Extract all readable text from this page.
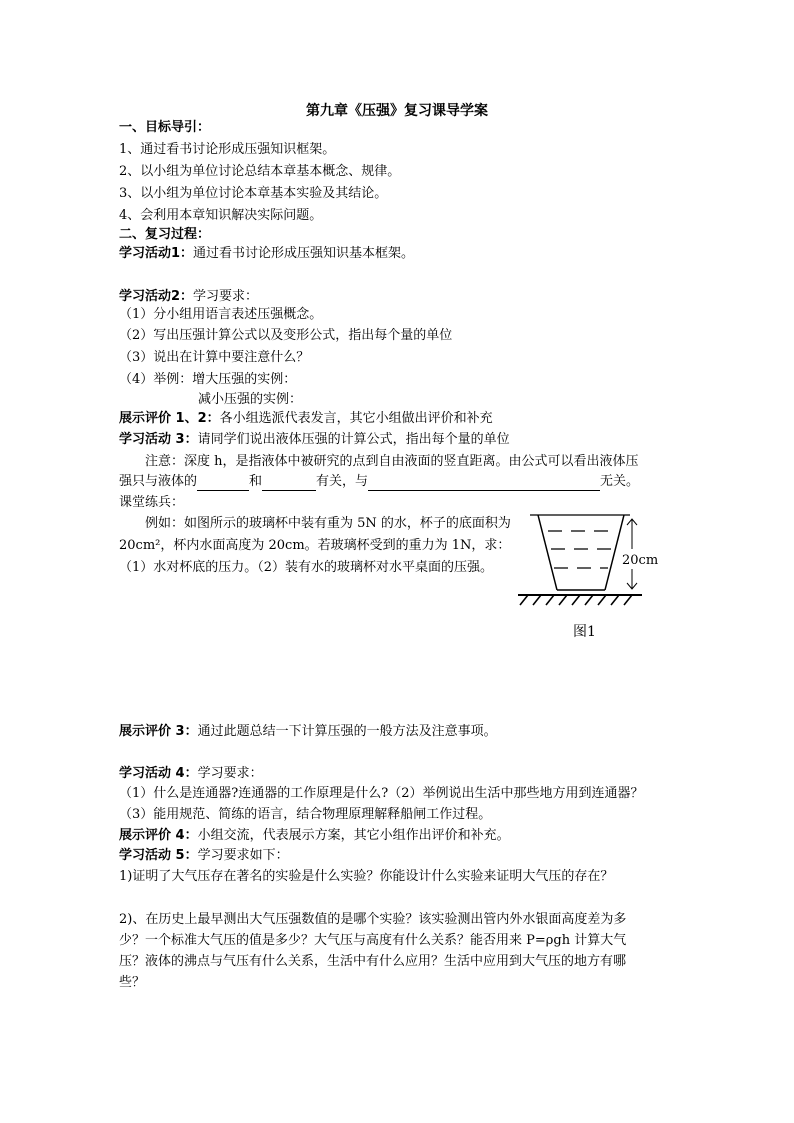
第九章《压强》复习课导学案
一、目标导引：
1、通过看书讨论形成压强知识框架。
2、以小组为单位讨论总结本章基本概念、规律。
3、以小组为单位讨论本章基本实验及其结论。
4、会利用本章知识解决实际问题。
二、复习过程：
学习活动1：通过看书讨论形成压强知识基本框架。
学习活动2：学习要求：
（1）分小组用语言表述压强概念。
（2）写出压强计算公式以及变形公式，指出每个量的单位
（3）说出在计算中要注意什么？
（4）举例：增大压强的实例：
减小压强的实例：
展示评价 1、2：各小组选派代表发言，其它小组做出评价和补充
学习活动 3：请同学们说出液体压强的计算公式，指出每个量的单位
注意：深度 h，是指液体中被研究的点到自由液面的竖直距离。由公式可以看出液体压
强只与液体的	和	有关，与	无关。
课堂练兵：
例如：如图所示的玻璃杯中装有重为 5N 的水，杯子的底面积为 20cm²，杯内水面高度为 20cm。若玻璃杯受到的重力为 1N，求：（1）水对杯底的压力。（2）装有水的玻璃杯对水平桌面的压强。	20cm
图1
展示评价 3：通过此题总结一下计算压强的一般方法及注意事项。
学习活动 4：学习要求：
（1）什么是连通器?连通器的工作原理是什么?（2）举例说出生活中那些地方用到连通器？
（3）能用规范、简练的语言，结合物理原理解释船闸工作过程。
展示评价 4：小组交流，代表展示方案，其它小组作出评价和补充。
学习活动 5：学习要求如下：
1)证明了大气压存在著名的实验是什么实验？你能设计什么实验来证明大气压的存在？
2)、在历史上最早测出大气压强数值的是哪个实验？该实验测出管内外水银面高度差为多
少？一个标准大气压的值是多少？大气压与高度有什么关系？能否用来 P=ρgh 计算大气
压？液体的沸点与气压有什么关系，生活中有什么应用？生活中应用到大气压的地方有哪
些？
